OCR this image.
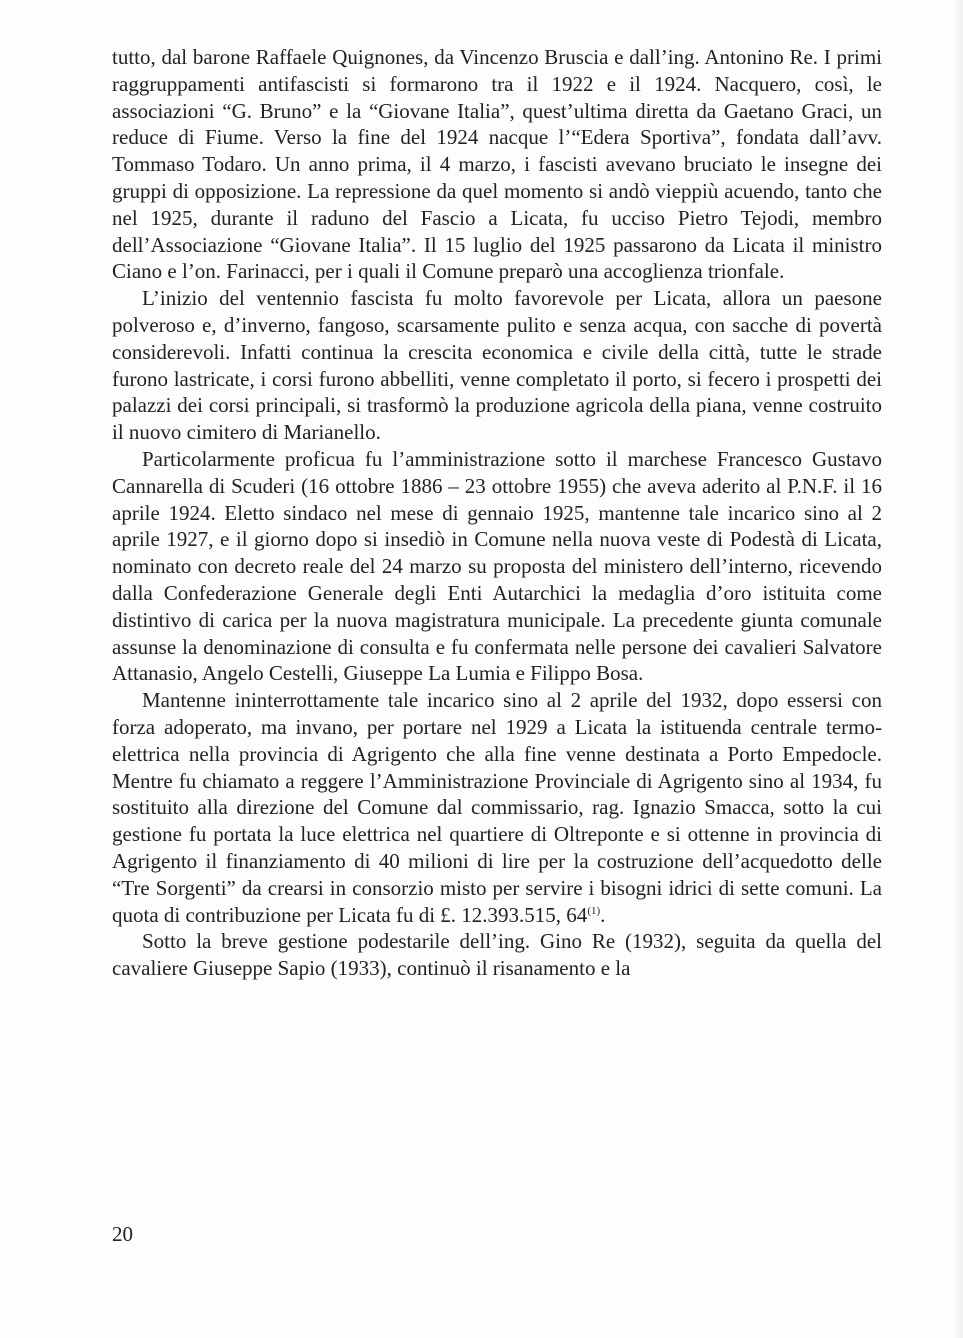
tutto, dal barone Raffaele Quignones, da Vincenzo Bruscia e dall’ing. Antonino Re. I primi raggruppamenti antifascisti si formarono tra il 1922 e il 1924. Nacquero, così, le associazioni “G. Bruno” e la “Giovane Italia”, quest’ultima diretta da Gaetano Graci, un reduce di Fiume. Verso la fine del 1924 nacque l’“Edera Sportiva”, fondata dall’avv. Tommaso Todaro. Un anno prima, il 4 marzo, i fascisti avevano bruciato le insegne dei gruppi di opposizione. La repressione da quel momento si andò vieppiù acuendo, tanto che nel 1925, durante il raduno del Fascio a Licata, fu ucciso Pietro Tejodi, membro dell’Associazione “Giovane Italia”. Il 15 luglio del 1925 passarono da Licata il ministro Ciano e l’on. Farinacci, per i quali il Comune preparò una accoglienza trionfale.

L’inizio del ventennio fascista fu molto favorevole per Licata, allora un paesone polveroso e, d’inverno, fangoso, scarsamente pulito e senza acqua, con sacche di povertà considerevoli. Infatti continua la crescita economica e civile della città, tutte le strade furono lastricate, i corsi furono abbelliti, venne completato il porto, si fecero i prospetti dei palazzi dei corsi principali, si trasformò la produzione agricola della piana, venne costruito il nuovo cimitero di Marianello.

Particolarmente proficua fu l’amministrazione sotto il marchese Francesco Gustavo Cannarella di Scuderi (16 ottobre 1886 – 23 ottobre 1955) che aveva aderito al P.N.F. il 16 aprile 1924. Eletto sindaco nel mese di gennaio 1925, mantenne tale incarico sino al 2 aprile 1927, e il giorno dopo si insediò in Comune nella nuova veste di Podestà di Licata, nominato con decreto reale del 24 marzo su proposta del ministero dell’interno, ricevendo dalla Confederazione Generale degli Enti Autarchici la medaglia d’oro istituita come distintivo di carica per la nuova magistratura municipale. La precedente giunta comunale assunse la denominazione di consulta e fu confermata nelle persone dei cavalieri Salvatore Attanasio, Angelo Cestelli, Giuseppe La Lumia e Filippo Bosa.

Mantenne ininterrottamente tale incarico sino al 2 aprile del 1932, dopo essersi con forza adoperato, ma invano, per portare nel 1929 a Licata la istituenda centrale termo-elettrica nella provincia di Agrigento che alla fine venne destinata a Porto Empedocle. Mentre fu chiamato a reggere l’Amministrazione Provinciale di Agrigento sino al 1934, fu sostituito alla direzione del Comune dal commissario, rag. Ignazio Smacca, sotto la cui gestione fu portata la luce elettrica nel quartiere di Oltreponte e si ottenne in provincia di Agrigento il finanziamento di 40 milioni di lire per la costruzione dell’acquedotto delle “Tre Sorgenti” da crearsi in consorzio misto per servire i bisogni idrici di sette comuni. La quota di contribuzione per Licata fu di £. 12.393.515, 64$^{(1)}$.

Sotto la breve gestione podestarile dell’ing. Gino Re (1932), seguita da quella del cavaliere Giuseppe Sapio (1933), continuò il risanamento e la

20
